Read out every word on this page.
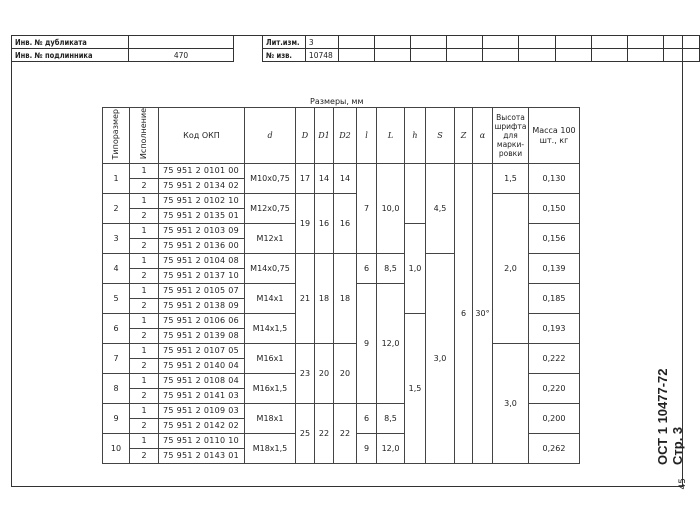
Инв. № дубликата	
Инв. № подлинника	470
Лит.изм.	3										
№ изв.	10748										
Размеры, мм
Типоразмер	Исполнение	Код ОКП	d	D	D1	D2	l	L	h	S	Z	α	Высота шрифта для марки-ровки	Масса 100 шт., кг
1	1	75 951 2 0101 00	M10x0,75	17	14	14	7	10,0		4,5	6	30°	1,5	0,130
	2	75 951 2 0134 02												
2	1	75 951 2 0102 10	M12x0,75	19	16	16							2,0	0,150
	2	75 951 2 0135 01												
3	1	75 951 2 0103 09	M12x1						1,0					0,156
	2	75 951 2 0136 00												
4	1	75 951 2 0104 08	M14x0,75	21	18	18	6	8,5		3,0				0,139
	2	75 951 2 0137 10												
5	1	75 951 2 0105 07	M14x1				9	12,0						0,185
	2	75 951 2 0138 09												
6	1	75 951 2 0106 06	M14x1,5						1,5					0,193
	2	75 951 2 0139 08												
7	1	75 951 2 0107 05	M16x1	23	20	20							3,0	0,222
	2	75 951 2 0140 04												
8	1	75 951 2 0108 04	M16x1,5											0,220
	2	75 951 2 0141 03												
9	1	75 951 2 0109 03	M18x1	25	22	22	6	8,5						0,200
	2	75 951 2 0142 02												
10	1	75 951 2 0110 10	M18x1,5				9	12,0						0,262
	2	75 951 2 0143 01													ОСТ 1 10477-72 Стр. 3
45
